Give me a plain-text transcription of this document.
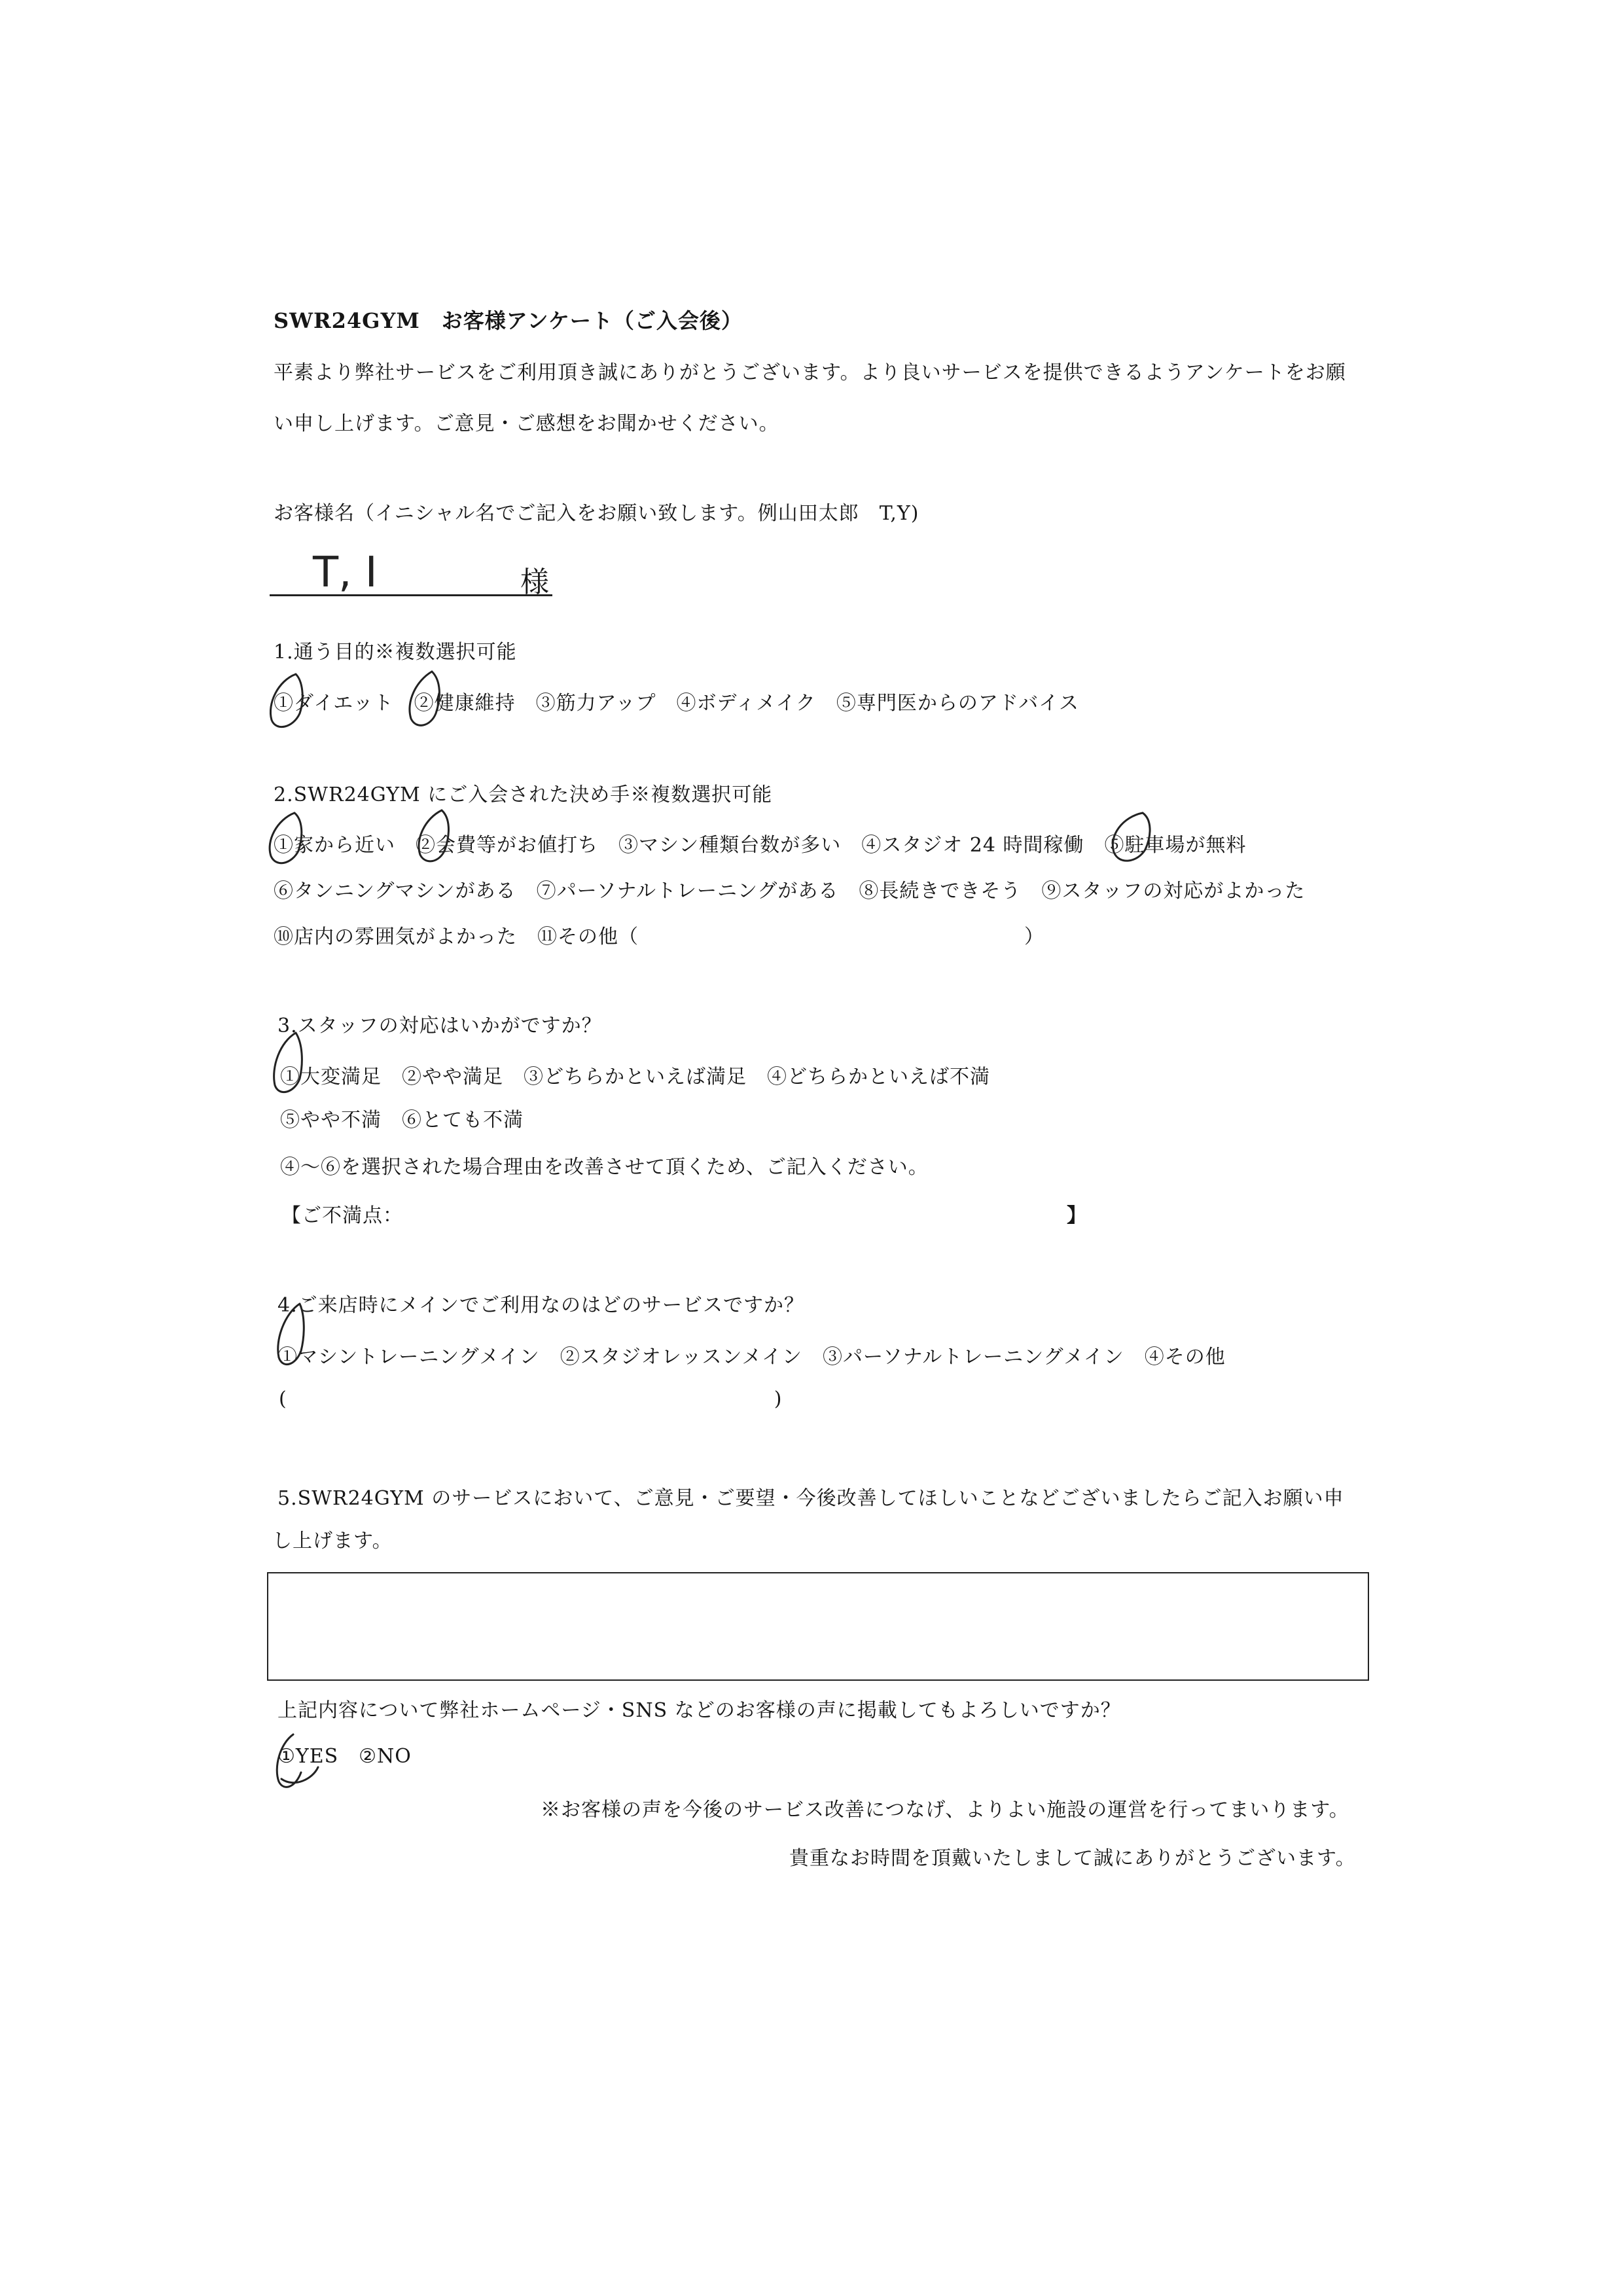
SWR24GYM　お客様アンケート（ご入会後）
平素より弊社サービスをご利用頂き誠にありがとうございます。より良いサービスを提供できるようアンケートをお願
い申し上げます。ご意見・ご感想をお聞かせください。
お客様名（イニシャル名でご記入をお願い致します。例山田太郎　T,Y)
T, I	様
1.通う目的※複数選択可能
①ダイエット　②健康維持　③筋力アップ　④ボディメイク　⑤専門医からのアドバイス
2.SWR24GYM にご入会された決め手※複数選択可能
①家から近い　②会費等がお値打ち　③マシン種類台数が多い　④スタジオ 24 時間稼働　⑤駐車場が無料
⑥タンニングマシンがある　⑦パーソナルトレーニングがある　⑧長続きできそう　⑨スタッフの対応がよかった
⑩店内の雰囲気がよかった　⑪その他（　　　　　　　　　　　　　　　　　　　）
3.スタッフの対応はいかがですか？
①大変満足　②やや満足　③どちらかといえば満足　④どちらかといえば不満
⑤やや不満　⑥とても不満
④～⑥を選択された場合理由を改善させて頂くため、ご記入ください。
【ご不満点：	】
4.ご来店時にメインでご利用なのはどのサービスですか？
①マシントレーニングメイン　②スタジオレッスンメイン　③パーソナルトレーニングメイン　④その他
(　　　　　　　　　　　　　　　　　　　　　　　　)
5.SWR24GYM のサービスにおいて、ご意見・ご要望・今後改善してほしいことなどございましたらご記入お願い申
し上げます。
上記内容について弊社ホームページ・SNS などのお客様の声に掲載してもよろしいですか？
①YES　②NO
※お客様の声を今後のサービス改善につなげ、よりよい施設の運営を行ってまいります。
貴重なお時間を頂戴いたしまして誠にありがとうございます。
